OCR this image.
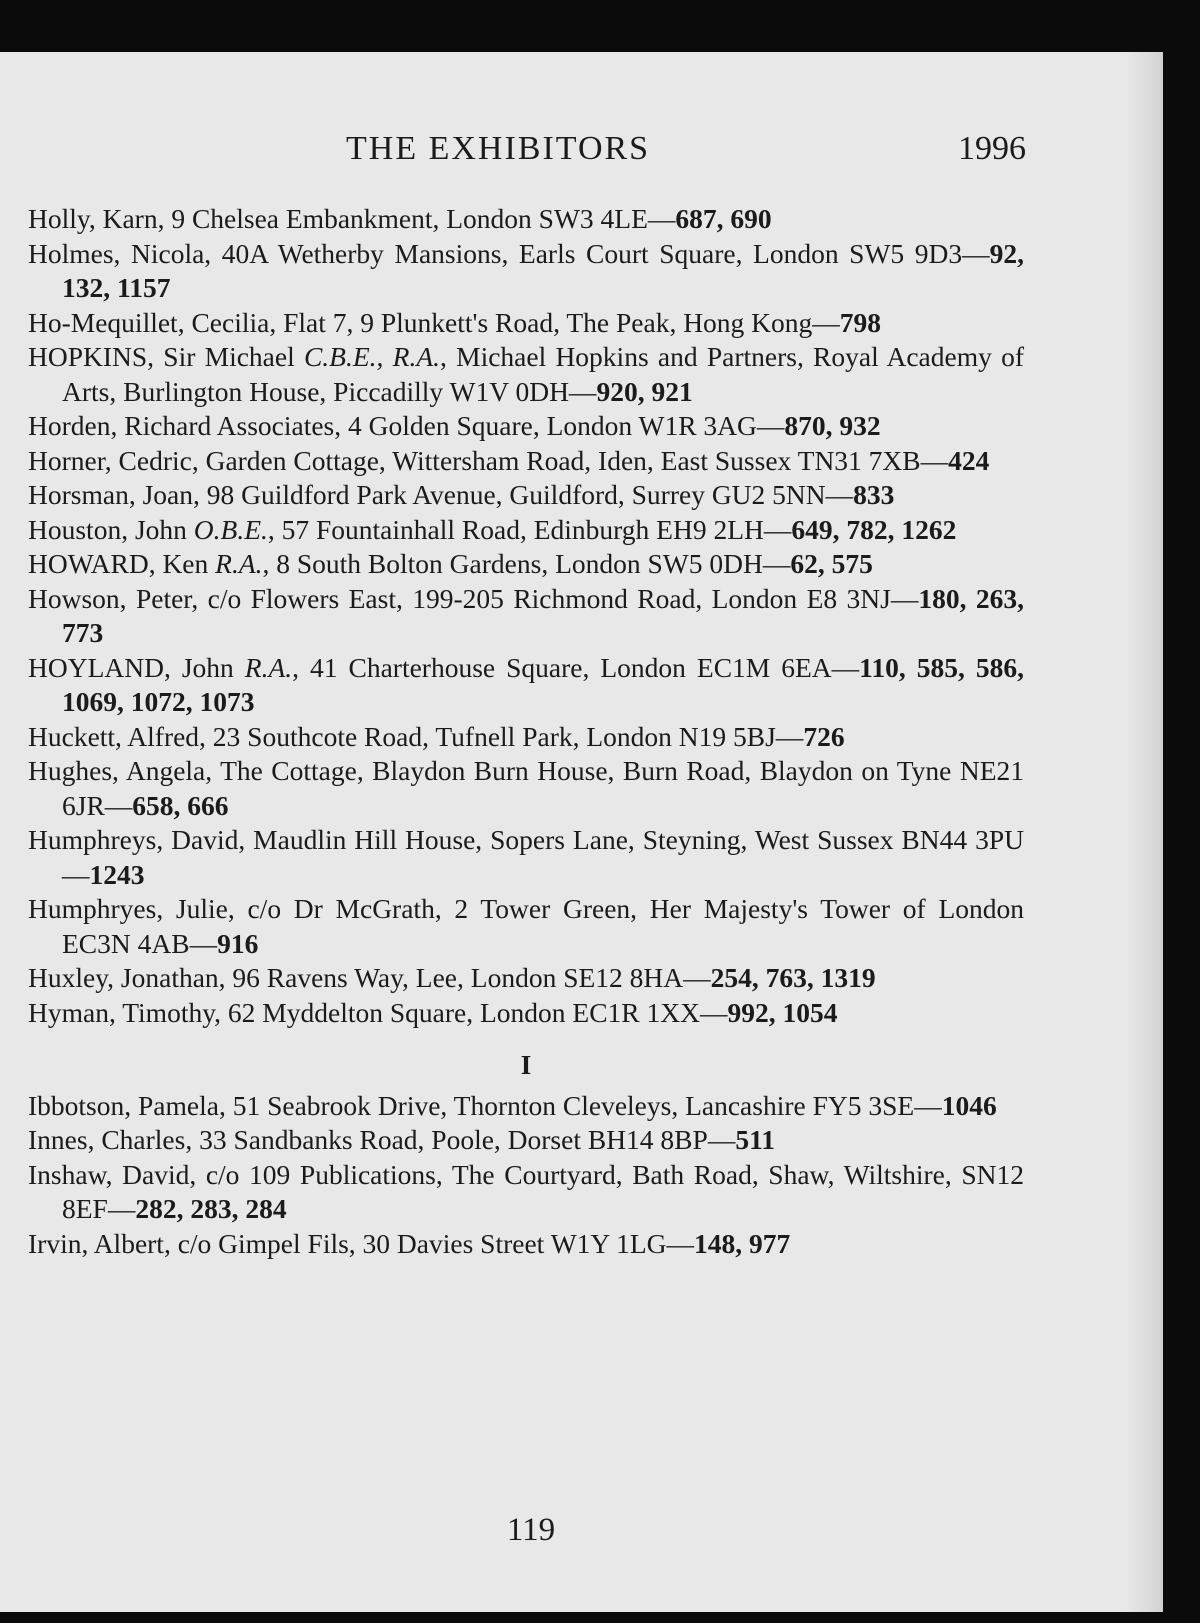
THE EXHIBITORS	1996

Holly, Karn, 9 Chelsea Embankment, London SW3 4LE—687, 690

Holmes, Nicola, 40A Wetherby Mansions, Earls Court Square, London SW5 9D3—92, 132, 1157

Ho-Mequillet, Cecilia, Flat 7, 9 Plunkett's Road, The Peak, Hong Kong—798

HOPKINS, Sir Michael C.B.E., R.A., Michael Hopkins and Partners, Royal Academy of Arts, Burlington House, Piccadilly W1V 0DH—920, 921

Horden, Richard Associates, 4 Golden Square, London W1R 3AG—870, 932

Horner, Cedric, Garden Cottage, Wittersham Road, Iden, East Sussex TN31 7XB—424

Horsman, Joan, 98 Guildford Park Avenue, Guildford, Surrey GU2 5NN—833

Houston, John O.B.E., 57 Fountainhall Road, Edinburgh EH9 2LH—649, 782, 1262

HOWARD, Ken R.A., 8 South Bolton Gardens, London SW5 0DH—62, 575

Howson, Peter, c/o Flowers East, 199-205 Richmond Road, London E8 3NJ—180, 263, 773

HOYLAND, John R.A., 41 Charterhouse Square, London EC1M 6EA—110, 585, 586, 1069, 1072, 1073

Huckett, Alfred, 23 Southcote Road, Tufnell Park, London N19 5BJ—726

Hughes, Angela, The Cottage, Blaydon Burn House, Burn Road, Blaydon on Tyne NE21 6JR—658, 666

Humphreys, David, Maudlin Hill House, Sopers Lane, Steyning, West Sussex BN44 3PU—1243

Humphryes, Julie, c/o Dr McGrath, 2 Tower Green, Her Majesty's Tower of London EC3N 4AB—916

Huxley, Jonathan, 96 Ravens Way, Lee, London SE12 8HA—254, 763, 1319

Hyman, Timothy, 62 Myddelton Square, London EC1R 1XX—992, 1054

I

Ibbotson, Pamela, 51 Seabrook Drive, Thornton Cleveleys, Lancashire FY5 3SE—1046

Innes, Charles, 33 Sandbanks Road, Poole, Dorset BH14 8BP—511

Inshaw, David, c/o 109 Publications, The Courtyard, Bath Road, Shaw, Wiltshire, SN12 8EF—282, 283, 284

Irvin, Albert, c/o Gimpel Fils, 30 Davies Street W1Y 1LG—148, 977

119
